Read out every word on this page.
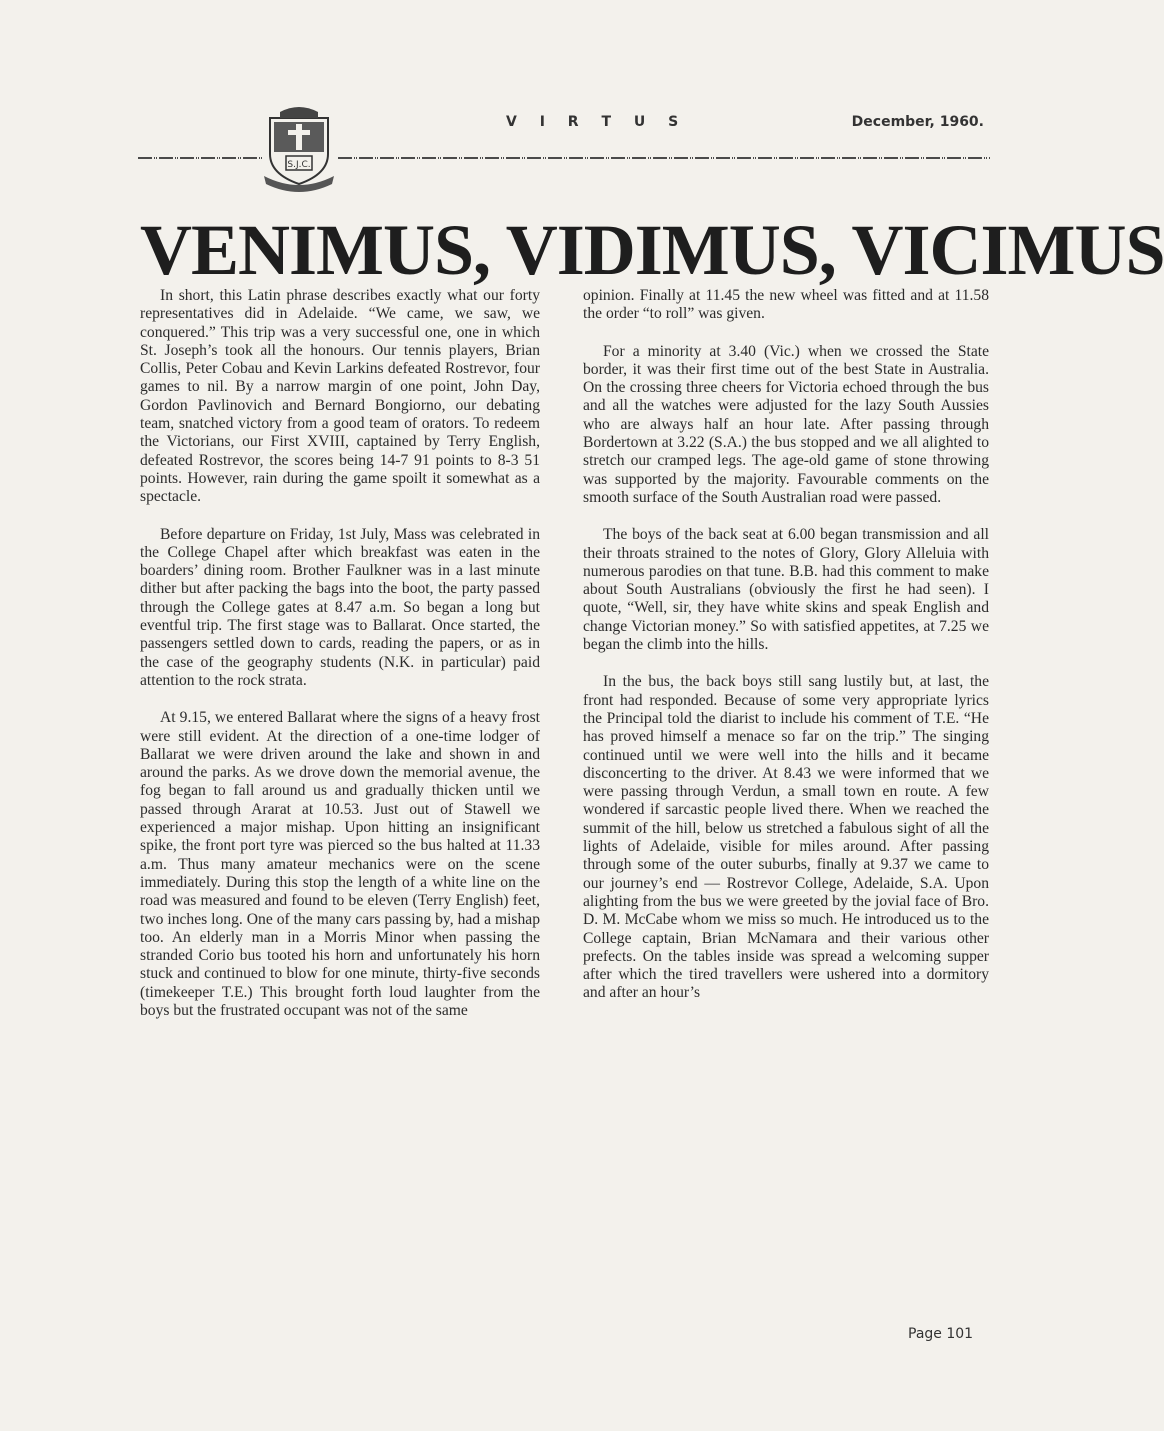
S.J.C.
V I R T U S	December, 1960.
VENIMUS, VIDIMUS, VICIMUS

In short, this Latin phrase describes exactly what our forty representatives did in Adelaide. “We came, we saw, we conquered.” This trip was a very successful one, one in which St. Joseph’s took all the honours. Our tennis players, Brian Collis, Peter Cobau and Kevin Larkins defeated Rostrevor, four games to nil. By a narrow margin of one point, John Day, Gordon Pavlinovich and Bernard Bongiorno, our debating team, snatched victory from a good team of orators. To redeem the Victorians, our First XVIII, captained by Terry English, defeated Rostrevor, the scores being 14-7 91 points to 8-3 51 points. However, rain during the game spoilt it somewhat as a spectacle.

Before departure on Friday, 1st July, Mass was celebrated in the College Chapel after which breakfast was eaten in the boarders’ dining room. Brother Faulkner was in a last minute dither but after packing the bags into the boot, the party passed through the College gates at 8.47 a.m. So began a long but eventful trip. The first stage was to Ballarat. Once started, the passengers settled down to cards, reading the papers, or as in the case of the geography students (N.K. in particular) paid attention to the rock strata.

At 9.15, we entered Ballarat where the signs of a heavy frost were still evident. At the direction of a one-time lodger of Ballarat we were driven around the lake and shown in and around the parks. As we drove down the memorial avenue, the fog began to fall around us and gradually thicken until we passed through Ararat at 10.53. Just out of Stawell we experienced a major mishap. Upon hitting an insignificant spike, the front port tyre was pierced so the bus halted at 11.33 a.m. Thus many amateur mechanics were on the scene immediately. During this stop the length of a white line on the road was measured and found to be eleven (Terry English) feet, two inches long. One of the many cars passing by, had a mishap too. An elderly man in a Morris Minor when passing the stranded Corio bus tooted his horn and unfortunately his horn stuck and continued to blow for one minute, thirty-five seconds (timekeeper T.E.) This brought forth loud laughter from the boys but the frustrated occupant was not of the same

opinion. Finally at 11.45 the new wheel was fitted and at 11.58 the order “to roll” was given.

For a minority at 3.40 (Vic.) when we crossed the State border, it was their first time out of the best State in Australia. On the crossing three cheers for Victoria echoed through the bus and all the watches were adjusted for the lazy South Aussies who are always half an hour late. After passing through Bordertown at 3.22 (S.A.) the bus stopped and we all alighted to stretch our cramped legs. The age-old game of stone throwing was supported by the majority. Favourable comments on the smooth surface of the South Australian road were passed.

The boys of the back seat at 6.00 began transmission and all their throats strained to the notes of Glory, Glory Alleluia with numerous parodies on that tune. B.B. had this comment to make about South Australians (obviously the first he had seen). I quote, “Well, sir, they have white skins and speak English and change Victorian money.” So with satisfied appetites, at 7.25 we began the climb into the hills.

In the bus, the back boys still sang lustily but, at last, the front had responded. Because of some very appropriate lyrics the Principal told the diarist to include his comment of T.E. “He has proved himself a menace so far on the trip.” The singing continued until we were well into the hills and it became disconcerting to the driver. At 8.43 we were informed that we were passing through Verdun, a small town en route. A few wondered if sarcastic people lived there. When we reached the summit of the hill, below us stretched a fabulous sight of all the lights of Adelaide, visible for miles around. After passing through some of the outer suburbs, finally at 9.37 we came to our journey’s end — Rostrevor College, Adelaide, S.A. Upon alighting from the bus we were greeted by the jovial face of Bro. D. M. McCabe whom we miss so much. He introduced us to the College captain, Brian McNamara and their various other prefects. On the tables inside was spread a welcoming supper after which the tired travellers were ushered into a dormitory and after an hour’s

Page 101
